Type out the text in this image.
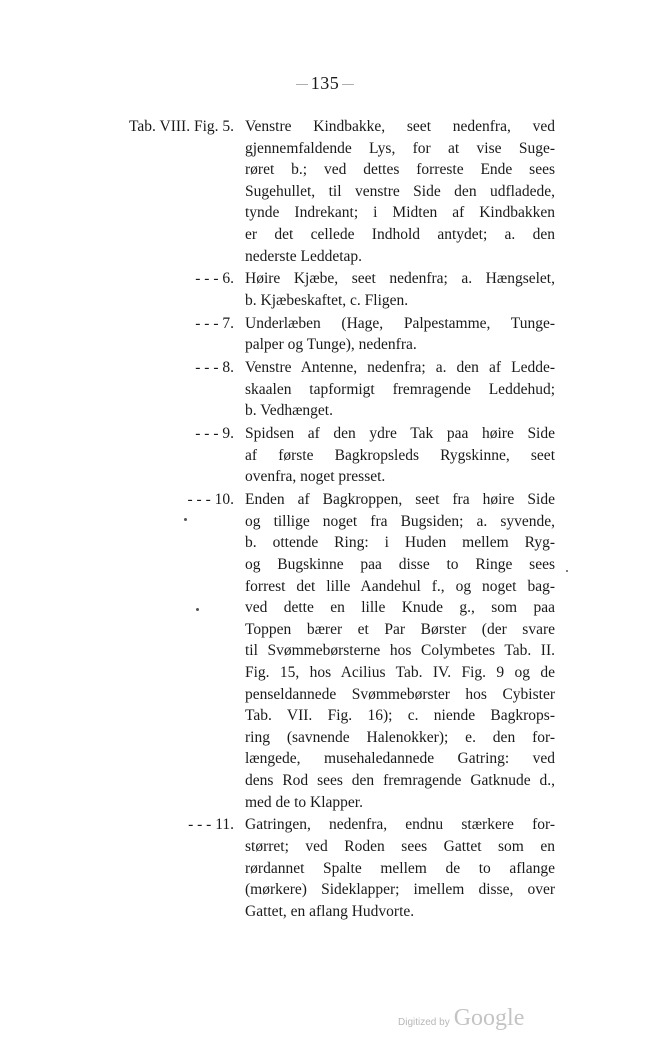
135
Tab. VIII. Fig. 5. Venstre Kindbakke, seet nedenfra, ved
gjennemfaldende Lys, for at vise Suge-
røret b.; ved dettes forreste Ende sees
Sugehullet, til venstre Side den udfladede,
tynde Indrekant; i Midten af Kindbakken
er det cellede Indhold antydet; a. den
nederste Leddetap.
- - - 6. Høire Kjæbe, seet nedenfra; a. Hængselet,
b. Kjæbeskaftet, c. Fligen.
- - - 7. Underlæben (Hage, Palpestamme, Tunge-
palper og Tunge), nedenfra.
- - - 8. Venstre Antenne, nedenfra; a. den af Ledde-
skaalen tapformigt fremragende Leddehud;
b. Vedhænget.
- - - 9. Spidsen af den ydre Tak paa høire Side
af første Bagkropsleds Rygskinne, seet
ovenfra, noget presset.
- - - 10. Enden af Bagkroppen, seet fra høire Side
og tillige noget fra Bugsiden; a. syvende,
b. ottende Ring: i Huden mellem Ryg-
og Bugskinne paa disse to Ringe sees
forrest det lille Aandehul f., og noget bag-
ved dette en lille Knude g., som paa
Toppen bærer et Par Børster (der svare
til Svømmebørsterne hos Colymbetes Tab. II.
Fig. 15, hos Acilius Tab. IV. Fig. 9 og de
penseldannede Svømmebørster hos Cybister
Tab. VII. Fig. 16); c. niende Bagkrops-
ring (savnende Halenokker); e. den for-
længede, musehaledannede Gatring: ved
dens Rod sees den fremragende Gatknude d.,
med de to Klapper.
- - - 11. Gatringen, nedenfra, endnu stærkere for-
størret; ved Roden sees Gattet som en
rørdannet Spalte mellem de to aflange
(mørkere) Sideklapper; imellem disse, over
Gattet, en aflang Hudvorte.
Digitized by Google
